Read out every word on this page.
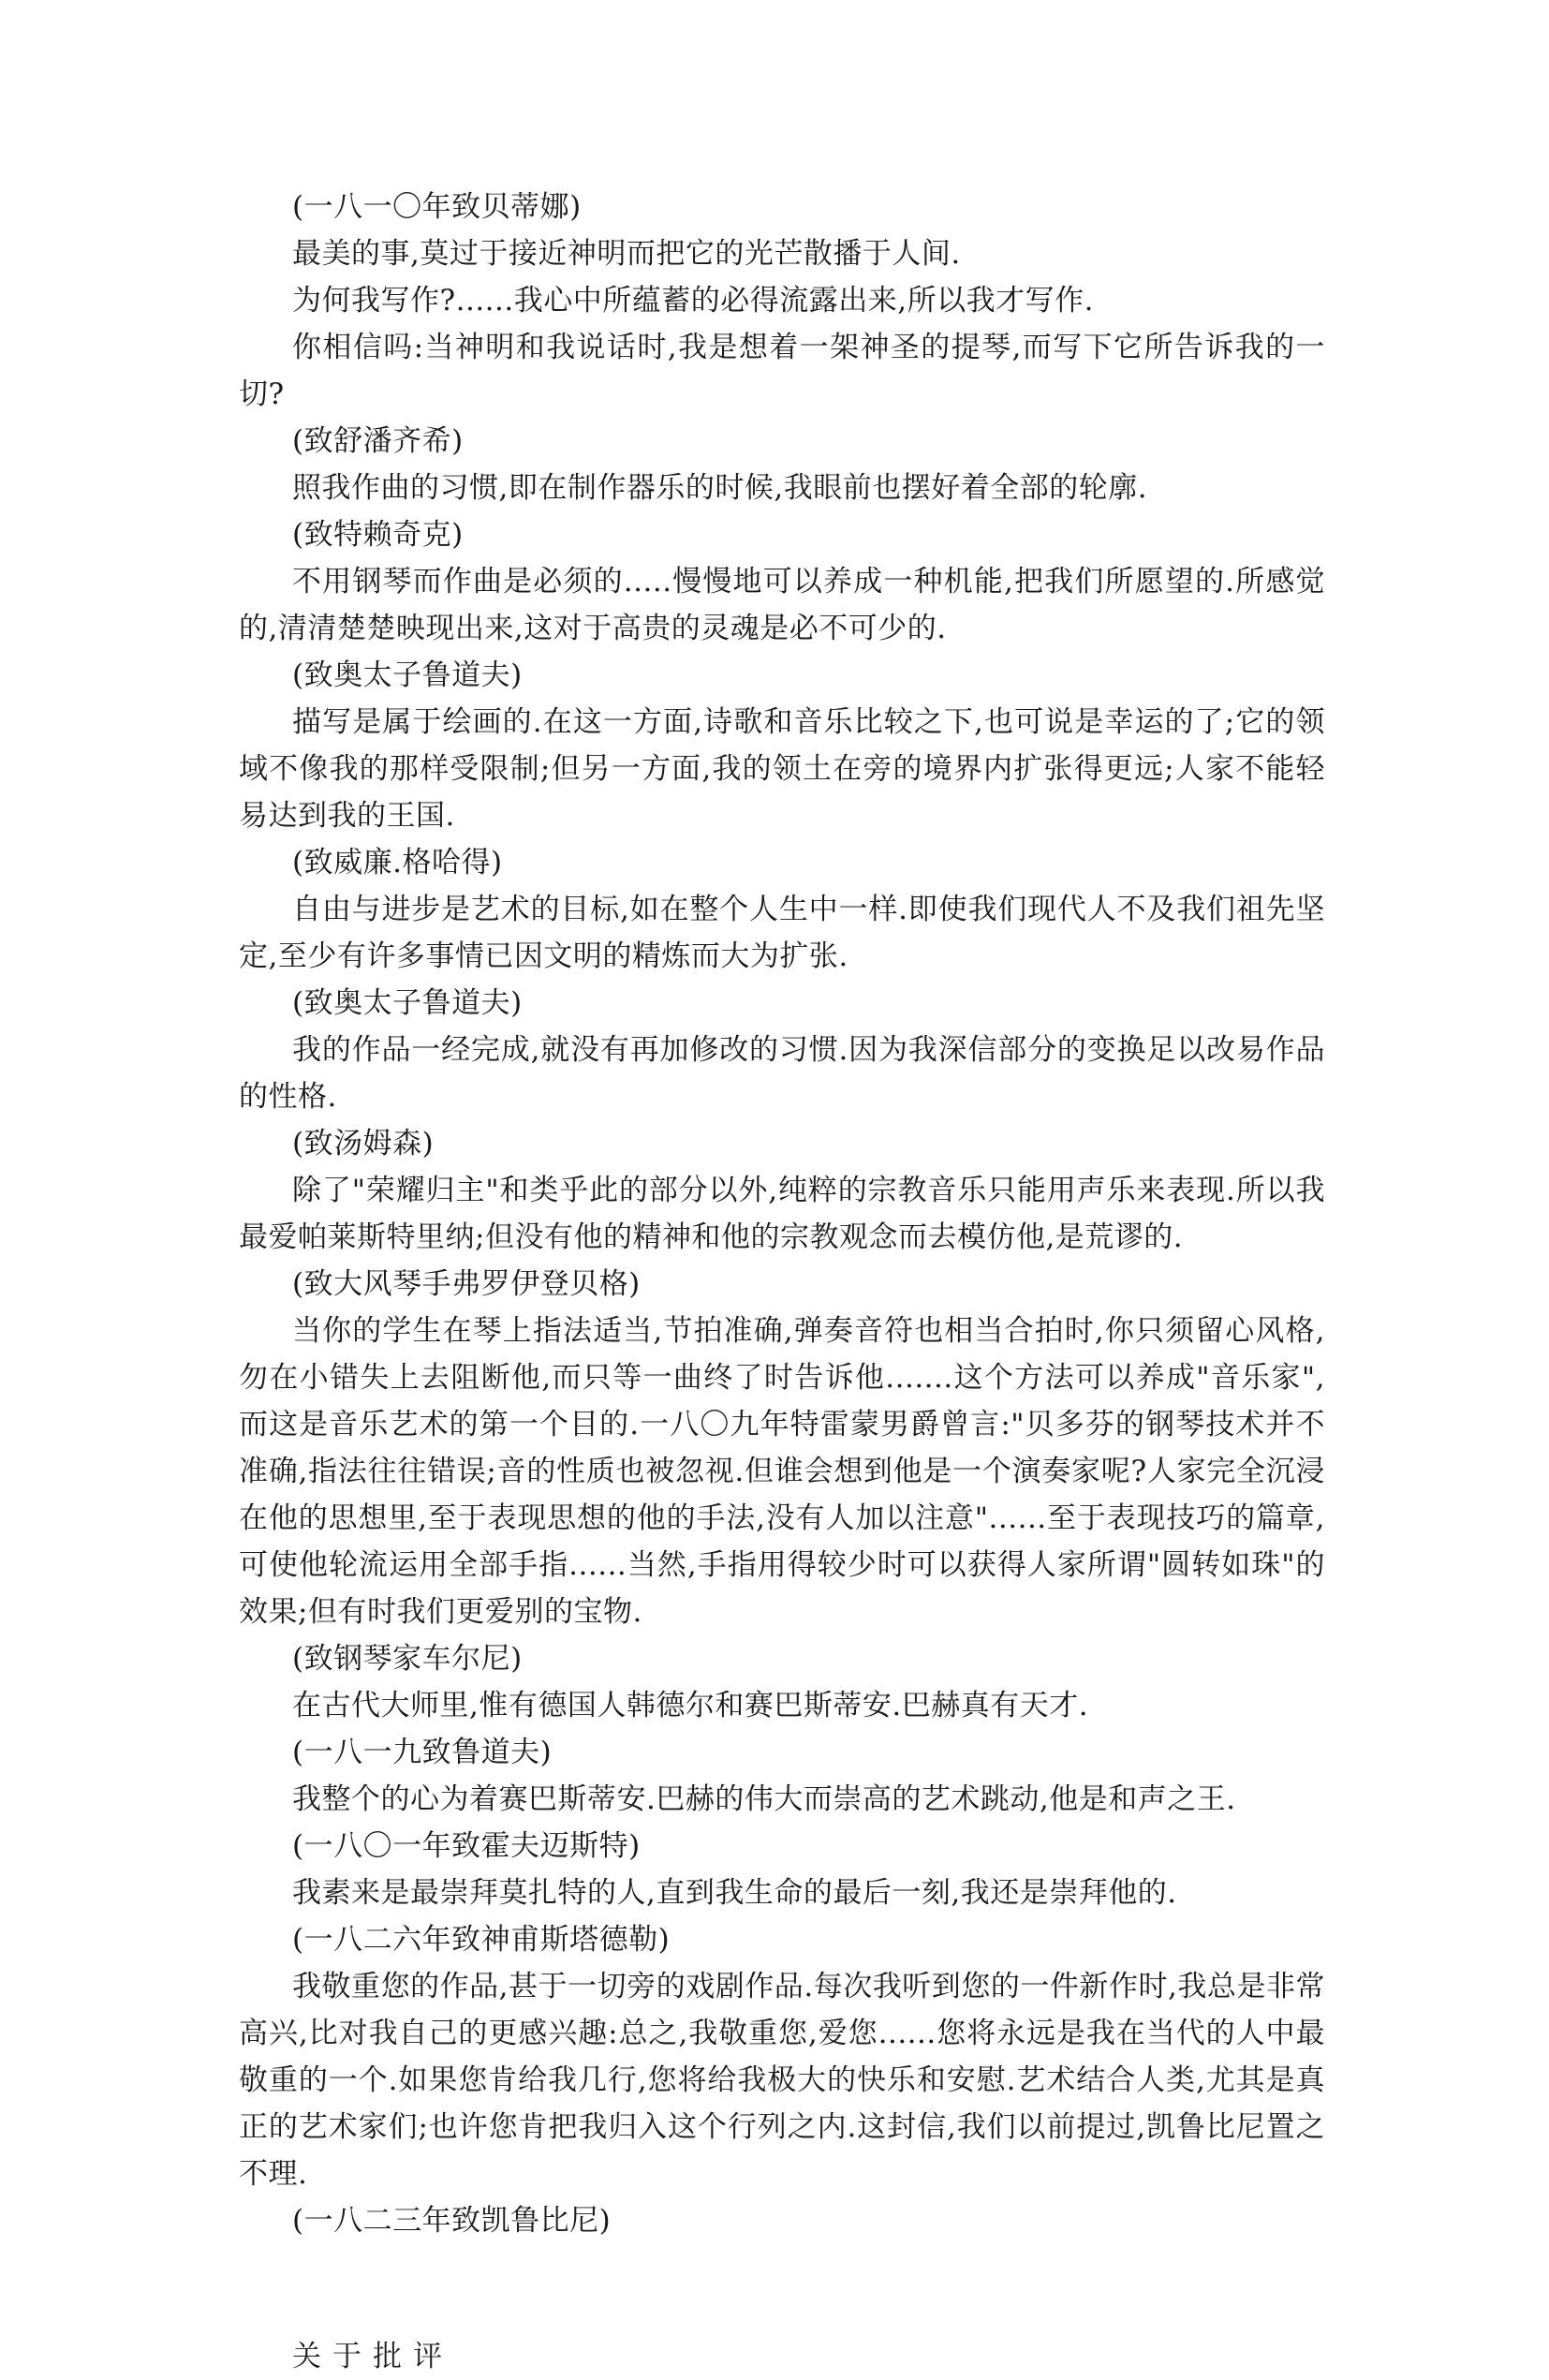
(一八一〇年致贝蒂娜)

最美的事,莫过于接近神明而把它的光芒散播于人间.

为何我写作?......我心中所蕴蓄的必得流露出来,所以我才写作.

你相信吗:当神明和我说话时,我是想着一架神圣的提琴,而写下它所告诉我的一切?

(致舒潘齐希)

照我作曲的习惯,即在制作器乐的时候,我眼前也摆好着全部的轮廓.

(致特赖奇克)

不用钢琴而作曲是必须的.....慢慢地可以养成一种机能,把我们所愿望的.所感觉的,清清楚楚映现出来,这对于高贵的灵魂是必不可少的.

(致奥太子鲁道夫)

描写是属于绘画的.在这一方面,诗歌和音乐比较之下,也可说是幸运的了;它的领域不像我的那样受限制;但另一方面,我的领土在旁的境界内扩张得更远;人家不能轻易达到我的王国.

(致威廉.格哈得)

自由与进步是艺术的目标,如在整个人生中一样.即使我们现代人不及我们祖先坚定,至少有许多事情已因文明的精炼而大为扩张.

(致奥太子鲁道夫)

我的作品一经完成,就没有再加修改的习惯.因为我深信部分的变换足以改易作品的性格.

(致汤姆森)

除了"荣耀归主"和类乎此的部分以外,纯粹的宗教音乐只能用声乐来表现.所以我最爱帕莱斯特里纳;但没有他的精神和他的宗教观念而去模仿他,是荒谬的.

(致大风琴手弗罗伊登贝格)

当你的学生在琴上指法适当,节拍准确,弹奏音符也相当合拍时,你只须留心风格,勿在小错失上去阻断他,而只等一曲终了时告诉他.......这个方法可以养成"音乐家",而这是音乐艺术的第一个目的.一八〇九年特雷蒙男爵曾言:"贝多芬的钢琴技术并不准确,指法往往错误;音的性质也被忽视.但谁会想到他是一个演奏家呢?人家完全沉浸在他的思想里,至于表现思想的他的手法,没有人加以注意"......至于表现技巧的篇章,可使他轮流运用全部手指......当然,手指用得较少时可以获得人家所谓"圆转如珠"的效果;但有时我们更爱别的宝物.

(致钢琴家车尔尼)

在古代大师里,惟有德国人韩德尔和赛巴斯蒂安.巴赫真有天才.

(一八一九致鲁道夫)

我整个的心为着赛巴斯蒂安.巴赫的伟大而崇高的艺术跳动,他是和声之王.

(一八〇一年致霍夫迈斯特)

我素来是最崇拜莫扎特的人,直到我生命的最后一刻,我还是崇拜他的.

(一八二六年致神甫斯塔德勒)

我敬重您的作品,甚于一切旁的戏剧作品.每次我听到您的一件新作时,我总是非常高兴,比对我自己的更感兴趣:总之,我敬重您,爱您......您将永远是我在当代的人中最敬重的一个.如果您肯给我几行,您将给我极大的快乐和安慰.艺术结合人类,尤其是真正的艺术家们;也许您肯把我归入这个行列之内.这封信,我们以前提过,凯鲁比尼置之不理.

(一八二三年致凯鲁比尼)

关于批评
